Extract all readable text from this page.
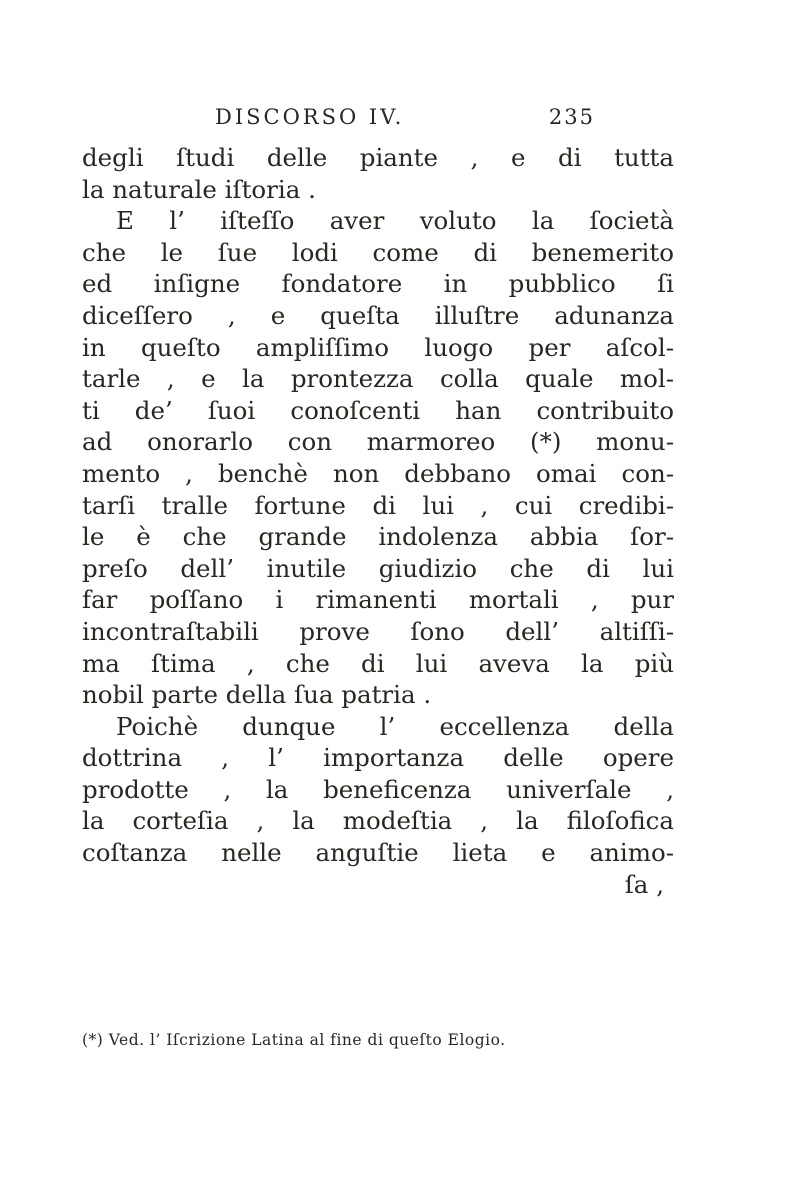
DISCORSO IV.	235
degli ſtudi delle piante , e di tutta
la naturale iſtoria .
E l’ iſteſſo aver voluto la ſocietà
che le ſue lodi come di benemerito
ed inſigne fondatore in pubblico ſi
diceſſero , e queſta illuſtre adunanza
in queſto ampliſſimo luogo per aſcol-
tarle , e la prontezza colla quale mol-
ti de’ ſuoi conoſcenti han contribuito
ad onorarlo con marmoreo (*) monu-
mento , benchè non debbano omai con-
tarſi tralle fortune di lui , cui credibi-
le è che grande indolenza abbia ſor-
preſo dell’ inutile giudizio che di lui
far poſſano i rimanenti mortali , pur
incontraſtabili prove ſono dell’ altiſſi-
ma ſtima , che di lui aveva la più
nobil parte della ſua patria .
Poichè dunque l’ eccellenza della
dottrina , l’ importanza delle opere
prodotte , la beneficenza univerſale ,
la corteſia , la modeſtia , la filoſofica
coſtanza nelle anguſtie lieta e animo-
ſa ,
(*) Ved. l’ Iſcrizione Latina al fine di queſto Elogio.
